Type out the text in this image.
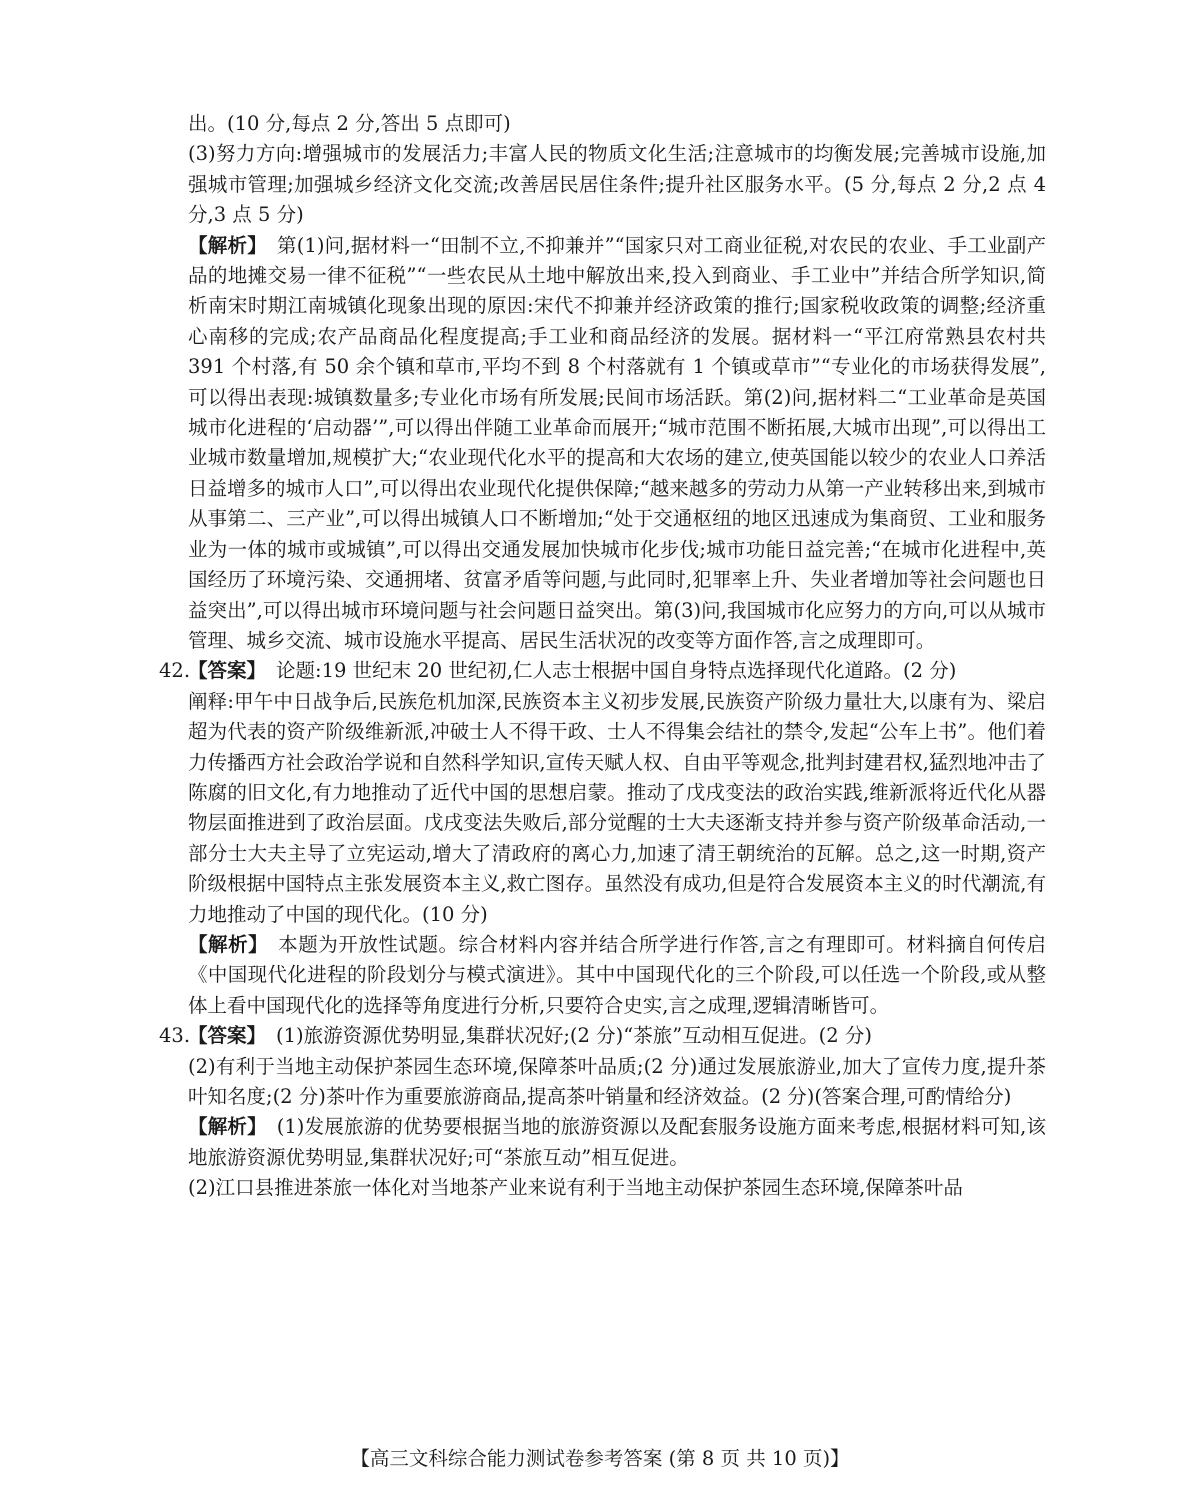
出。(10 分,每点 2 分,答出 5 点即可)

(3)努力方向:增强城市的发展活力;丰富人民的物质文化生活;注意城市的均衡发展;完善城市设施,加强城市管理;加强城乡经济文化交流;改善居民居住条件;提升社区服务水平。(5 分,每点 2 分,2 点 4 分,3 点 5 分)

【解析】 第(1)问,据材料一“田制不立,不抑兼并”“国家只对工商业征税,对农民的农业、手工业副产品的地摊交易一律不征税”“一些农民从土地中解放出来,投入到商业、手工业中”并结合所学知识,简析南宋时期江南城镇化现象出现的原因:宋代不抑兼并经济政策的推行;国家税收政策的调整;经济重心南移的完成;农产品商品化程度提高;手工业和商品经济的发展。据材料一“平江府常熟县农村共 391 个村落,有 50 余个镇和草市,平均不到 8 个村落就有 1 个镇或草市”“专业化的市场获得发展”,可以得出表现:城镇数量多;专业化市场有所发展;民间市场活跃。第(2)问,据材料二“工业革命是英国城市化进程的‘启动器’”,可以得出伴随工业革命而展开;“城市范围不断拓展,大城市出现”,可以得出工业城市数量增加,规模扩大;“农业现代化水平的提高和大农场的建立,使英国能以较少的农业人口养活日益增多的城市人口”,可以得出农业现代化提供保障;“越来越多的劳动力从第一产业转移出来,到城市从事第二、三产业”,可以得出城镇人口不断增加;“处于交通枢纽的地区迅速成为集商贸、工业和服务业为一体的城市或城镇”,可以得出交通发展加快城市化步伐;城市功能日益完善;“在城市化进程中,英国经历了环境污染、交通拥堵、贫富矛盾等问题,与此同时,犯罪率上升、失业者增加等社会问题也日益突出”,可以得出城市环境问题与社会问题日益突出。第(3)问,我国城市化应努力的方向,可以从城市管理、城乡交流、城市设施水平提高、居民生活状况的改变等方面作答,言之成理即可。

42.

【答案】 论题:19 世纪末 20 世纪初,仁人志士根据中国自身特点选择现代化道路。(2 分)

阐释:甲午中日战争后,民族危机加深,民族资本主义初步发展,民族资产阶级力量壮大,以康有为、梁启超为代表的资产阶级维新派,冲破士人不得干政、士人不得集会结社的禁令,发起“公车上书”。他们着力传播西方社会政治学说和自然科学知识,宣传天赋人权、自由平等观念,批判封建君权,猛烈地冲击了陈腐的旧文化,有力地推动了近代中国的思想启蒙。推动了戊戌变法的政治实践,维新派将近代化从器物层面推进到了政治层面。戊戌变法失败后,部分觉醒的士大夫逐渐支持并参与资产阶级革命活动,一部分士大夫主导了立宪运动,增大了清政府的离心力,加速了清王朝统治的瓦解。总之,这一时期,资产阶级根据中国特点主张发展资本主义,救亡图存。虽然没有成功,但是符合发展资本主义的时代潮流,有力地推动了中国的现代化。(10 分)

【解析】 本题为开放性试题。综合材料内容并结合所学进行作答,言之有理即可。材料摘自何传启《中国现代化进程的阶段划分与模式演进》。其中中国现代化的三个阶段,可以任选一个阶段,或从整体上看中国现代化的选择等角度进行分析,只要符合史实,言之成理,逻辑清晰皆可。

43.

【答案】 (1)旅游资源优势明显,集群状况好;(2 分)“茶旅”互动相互促进。(2 分)

(2)有利于当地主动保护茶园生态环境,保障茶叶品质;(2 分)通过发展旅游业,加大了宣传力度,提升茶叶知名度;(2 分)茶叶作为重要旅游商品,提高茶叶销量和经济效益。(2 分)(答案合理,可酌情给分)

【解析】 (1)发展旅游的优势要根据当地的旅游资源以及配套服务设施方面来考虑,根据材料可知,该地旅游资源优势明显,集群状况好;可“茶旅互动”相互促进。

(2)江口县推进茶旅一体化对当地茶产业来说有利于当地主动保护茶园生态环境,保障茶叶品

【高三文科综合能力测试卷参考答案 (第 8 页 共 10 页)】
